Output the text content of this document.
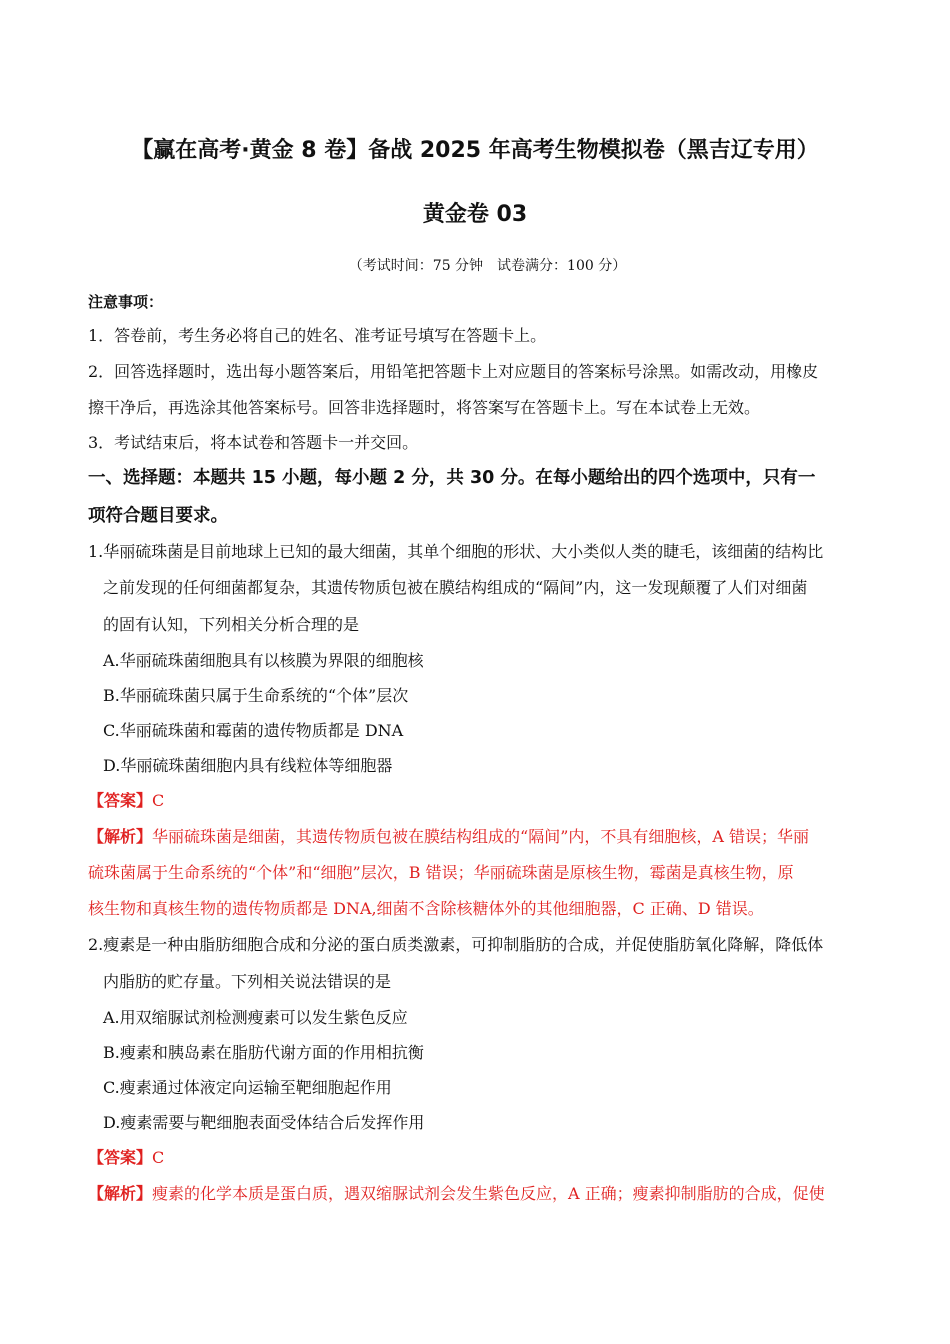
【赢在高考·黄金 8 卷】备战 2025 年高考生物模拟卷（黑吉辽专用）
黄金卷 03
（考试时间：75 分钟　试卷满分：100 分）
注意事项：
1．答卷前，考生务必将自己的姓名、准考证号填写在答题卡上。
2．回答选择题时，选出每小题答案后，用铅笔把答题卡上对应题目的答案标号涂黑。如需改动，用橡皮
擦干净后，再选涂其他答案标号。回答非选择题时，将答案写在答题卡上。写在本试卷上无效。
3．考试结束后，将本试卷和答题卡一并交回。
一、选择题：本题共 15 小题，每小题 2 分，共 30 分。在每小题给出的四个选项中，只有一
项符合题目要求。
1.华丽硫珠菌是目前地球上已知的最大细菌，其单个细胞的形状、大小类似人类的睫毛，该细菌的结构比
之前发现的任何细菌都复杂，其遗传物质包被在膜结构组成的“隔间”内，这一发现颠覆了人们对细菌
的固有认知，下列相关分析合理的是
A.华丽硫珠菌细胞具有以核膜为界限的细胞核
B.华丽硫珠菌只属于生命系统的“个体”层次
C.华丽硫珠菌和霉菌的遗传物质都是 DNA
D.华丽硫珠菌细胞内具有线粒体等细胞器
【答案】C
【解析】华丽硫珠菌是细菌，其遗传物质包被在膜结构组成的“隔间”内，不具有细胞核，A 错误；华丽
硫珠菌属于生命系统的“个体”和“细胞”层次，B 错误；华丽硫珠菌是原核生物，霉菌是真核生物，原
核生物和真核生物的遗传物质都是 DNA,细菌不含除核糖体外的其他细胞器，C 正确、D 错误。
2.瘦素是一种由脂肪细胞合成和分泌的蛋白质类激素，可抑制脂肪的合成，并促使脂肪氧化降解，降低体
内脂肪的贮存量。下列相关说法错误的是
A.用双缩脲试剂检测瘦素可以发生紫色反应
B.瘦素和胰岛素在脂肪代谢方面的作用相抗衡
C.瘦素通过体液定向运输至靶细胞起作用
D.瘦素需要与靶细胞表面受体结合后发挥作用
【答案】C
【解析】瘦素的化学本质是蛋白质，遇双缩脲试剂会发生紫色反应，A 正确；瘦素抑制脂肪的合成，促使
